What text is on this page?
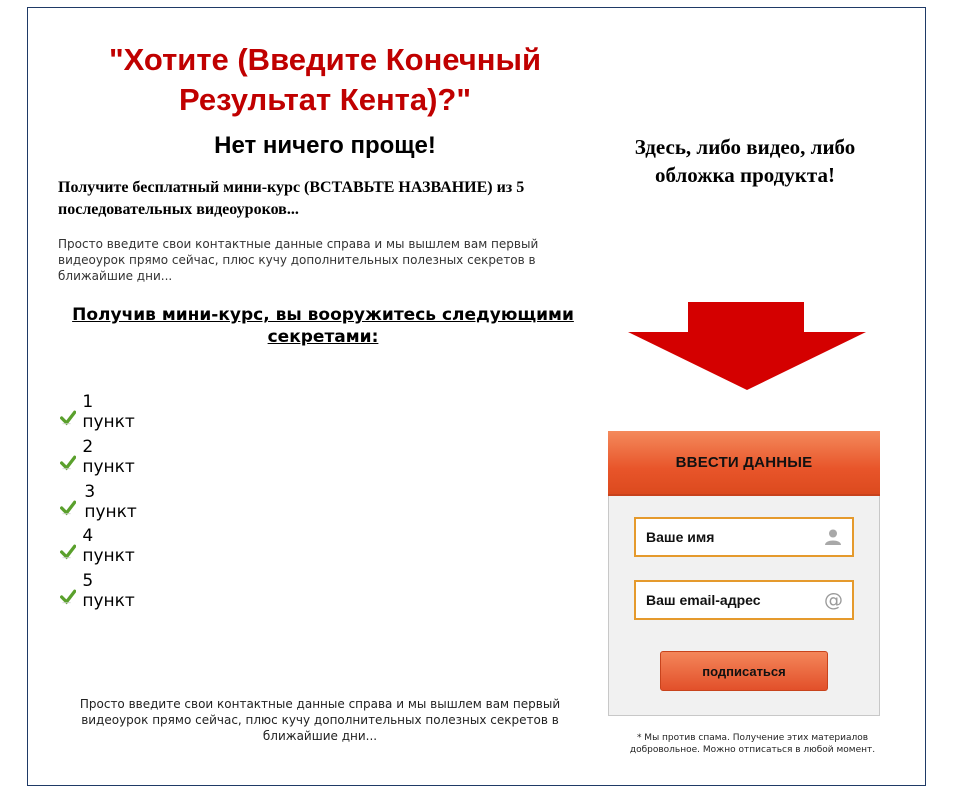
"Хотите (Введите Конечный Результат Кента)?"
Нет ничего проще!
Получите бесплатный мини-курс (ВСТАВЬТЕ НАЗВАНИЕ) из 5 последовательных видеоуроков...
Просто введите свои контактные данные справа и мы вышлем вам первый видеоурок прямо сейчас, плюс кучу дополнительных полезных секретов в ближайшие дни...
Получив мини-курс, вы вооружитесь следующими секретами:
1 пункт
2 пункт
3 пункт
4 пункт
5 пункт
Просто введите свои контактные данные справа и мы вышлем вам первый видеоурок прямо сейчас, плюс кучу дополнительных полезных секретов в ближайшие дни...
Здесь, либо видео, либо обложка продукта!
ВВЕСТИ ДАННЫЕ
Ваше имя
Ваш email-адрес
@
подписаться
* Мы против спама. Получение этих материалов добровольное. Можно отписаться в любой момент.
